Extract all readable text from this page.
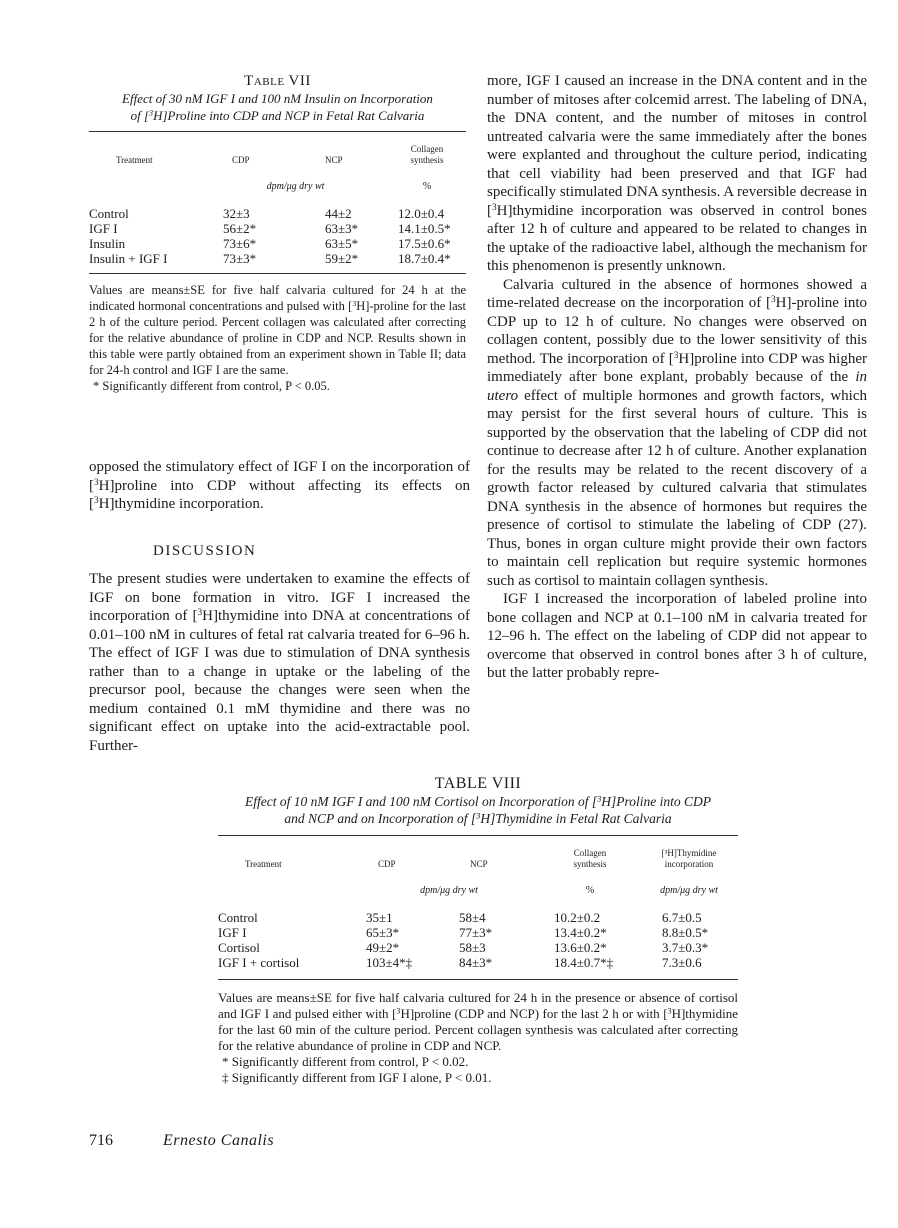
Table VII
Effect of 30 nM IGF I and 100 nM Insulin on Incorporation
of [$^3$H]Proline into CDP and NCP in Fetal Rat Calvaria
Treatment	CDP	NCP	Collagen
synthesis
	dpm/μg dry wt		%
Control	32±3	44±2	12.0±0.4
IGF I	56±2*	63±3*	14.1±0.5*
Insulin	73±6*	63±5*	17.5±0.6*
Insulin + IGF I	73±3*	59±2*	18.7±0.4*

Values are means±SE for five half calvaria cultured for 24 h at the indicated hormonal concentrations and pulsed with [$^3$H]-proline for the last 2 h of the culture period. Percent collagen was calculated after correcting for the relative abundance of proline in CDP and NCP. Results shown in this table were partly obtained from an experiment shown in Table II; data for 24-h control and IGF I are the same.

* Significantly different from control, P < 0.05.

opposed the stimulatory effect of IGF I on the incorporation of [$^3$H]proline into CDP without affecting its effects on [$^3$H]thymidine incorporation.

DISCUSSION

The present studies were undertaken to examine the effects of IGF on bone formation in vitro. IGF I increased the incorporation of [$^3$H]thymidine into DNA at concentrations of 0.01–100 nM in cultures of fetal rat calvaria treated for 6–96 h. The effect of IGF I was due to stimulation of DNA synthesis rather than to a change in uptake or the labeling of the precursor pool, because the changes were seen when the medium contained 0.1 mM thymidine and there was no significant effect on uptake into the acid-extractable pool. Further-

more, IGF I caused an increase in the DNA content and in the number of mitoses after colcemid arrest. The labeling of DNA, the DNA content, and the number of mitoses in control untreated calvaria were the same immediately after the bones were explanted and throughout the culture period, indicating that cell viability had been preserved and that IGF had specifically stimulated DNA synthesis. A reversible decrease in [$^3$H]thymidine incorporation was observed in control bones after 12 h of culture and appeared to be related to changes in the uptake of the radioactive label, although the mechanism for this phenomenon is presently unknown.

Calvaria cultured in the absence of hormones showed a time-related decrease on the incorporation of [$^3$H]-proline into CDP up to 12 h of culture. No changes were observed on collagen content, possibly due to the lower sensitivity of this method. The incorporation of [$^3$H]proline into CDP was higher immediately after bone explant, probably because of the in utero effect of multiple hormones and growth factors, which may persist for the first several hours of culture. This is supported by the observation that the labeling of CDP did not continue to decrease after 12 h of culture. Another explanation for the results may be related to the recent discovery of a growth factor released by cultured calvaria that stimulates DNA synthesis in the absence of hormones but requires the presence of cortisol to stimulate the labeling of CDP (27). Thus, bones in organ culture might provide their own factors to maintain cell replication but require systemic hormones such as cortisol to maintain collagen synthesis.

IGF I increased the incorporation of labeled proline into bone collagen and NCP at 0.1–100 nM in calvaria treated for 12–96 h. The effect on the labeling of CDP did not appear to overcome that observed in control bones after 3 h of culture, but the latter probably repre-

TABLE VIII
Effect of 10 nM IGF I and 100 nM Cortisol on Incorporation of [$^3$H]Proline into CDP
and NCP and on Incorporation of [$^3$H]Thymidine in Fetal Rat Calvaria
Treatment	CDP	NCP	Collagen
synthesis	[³H]Thymidine
incorporation
	dpm/μg dry wt		%	dpm/μg dry wt
Control	35±1	58±4	10.2±0.2	6.7±0.5
IGF I	65±3*	77±3*	13.4±0.2*	8.8±0.5*
Cortisol	49±2*	58±3	13.6±0.2*	3.7±0.3*
IGF I + cortisol	103±4*‡	84±3*	18.4±0.7*‡	7.3±0.6

Values are means±SE for five half calvaria cultured for 24 h in the presence or absence of cortisol and IGF I and pulsed either with [$^3$H]proline (CDP and NCP) for the last 2 h or with [$^3$H]thymidine for the last 60 min of the culture period. Percent collagen synthesis was calculated after correcting for the relative abundance of proline in CDP and NCP.

* Significantly different from control, P < 0.02.

‡ Significantly different from IGF I alone, P < 0.01.

716	Ernesto Canalis
